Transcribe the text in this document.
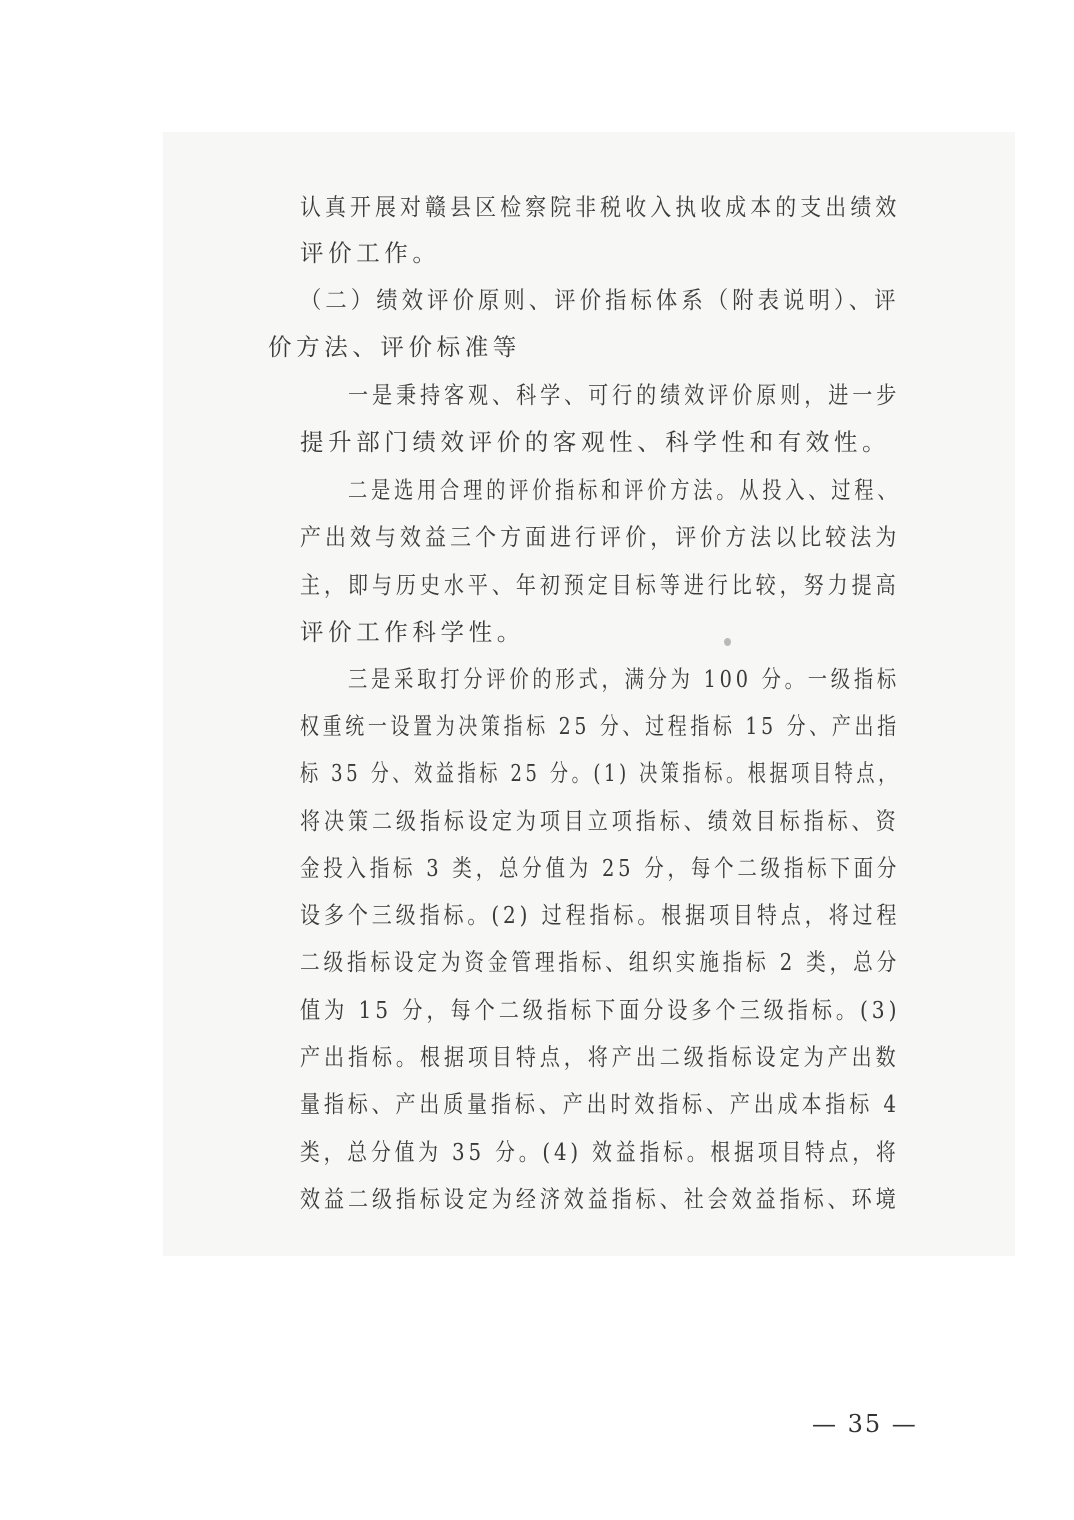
认真开展对赣县区检察院非税收入执收成本的支出绩效
评价工作。
（二）绩效评价原则、评价指标体系（附表说明）、评
价方法、评价标准等
一是秉持客观、科学、可行的绩效评价原则，进一步
提升部门绩效评价的客观性、科学性和有效性。
二是选用合理的评价指标和评价方法。从投入、过程、
产出效与效益三个方面进行评价，评价方法以比较法为
主，即与历史水平、年初预定目标等进行比较，努力提高
评价工作科学性。
三是采取打分评价的形式，满分为 100 分。一级指标
权重统一设置为决策指标 25 分、过程指标 15 分、产出指
标 35 分、效益指标 25 分。(1) 决策指标。根据项目特点，
将决策二级指标设定为项目立项指标、绩效目标指标、资
金投入指标 3 类，总分值为 25 分，每个二级指标下面分
设多个三级指标。(2) 过程指标。根据项目特点，将过程
二级指标设定为资金管理指标、组织实施指标 2 类，总分
值为 15 分，每个二级指标下面分设多个三级指标。(3)
产出指标。根据项目特点，将产出二级指标设定为产出数
量指标、产出质量指标、产出时效指标、产出成本指标 4
类，总分值为 35 分。(4) 效益指标。根据项目特点，将
效益二级指标设定为经济效益指标、社会效益指标、环境
— 35 —
